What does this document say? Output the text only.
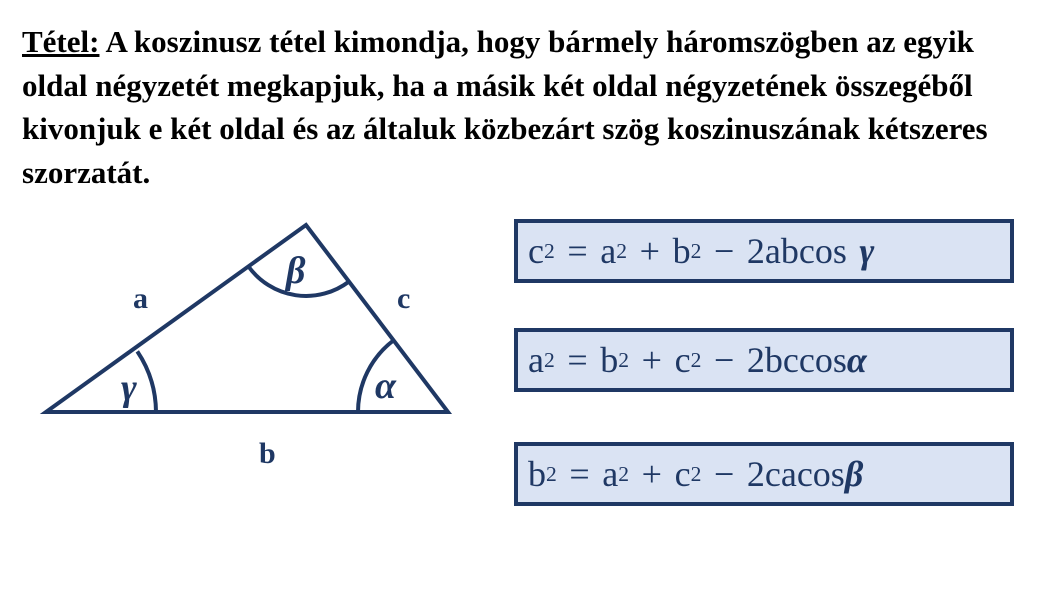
Tétel: A koszinusz tétel kimondja, hogy bármely háromszögben az egyik oldal négyzetét megkapjuk, ha a másik két oldal négyzetének összegéből kivonjuk e két oldal és az általuk közbezárt szög koszinuszának kétszeres szorzatát.
a	c
b
γ
β
α
c 2 = a 2 + b 2 − 2abcos γ
a 2 = b 2 + c 2 − 2bccos α
b 2 = a 2 + c 2 − 2cacos β
